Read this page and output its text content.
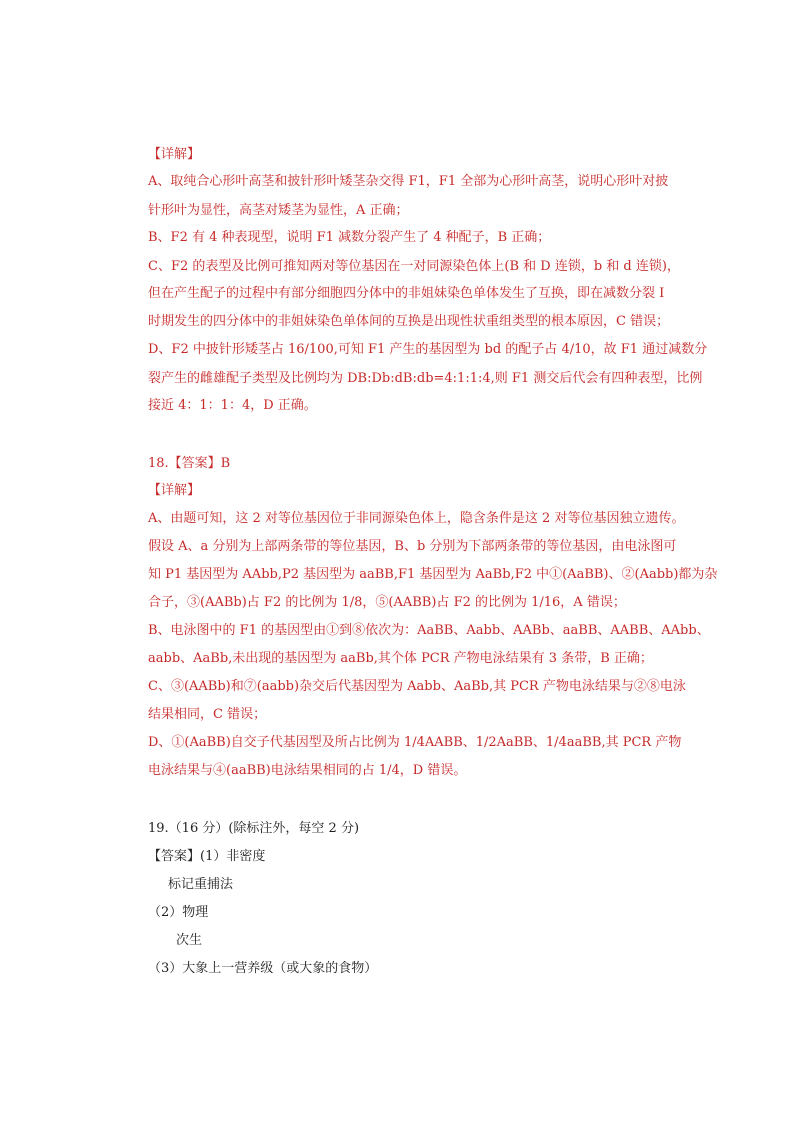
【详解】
A、取纯合心形叶高茎和披针形叶矮茎杂交得 F1，F1 全部为心形叶高茎，说明心形叶对披
针形叶为显性，高茎对矮茎为显性，A 正确；
B、F2 有 4 种表现型，说明 F1 减数分裂产生了 4 种配子，B 正确；
C、F2 的表型及比例可推知两对等位基因在一对同源染色体上(B 和 D 连锁，b 和 d 连锁)，
但在产生配子的过程中有部分细胞四分体中的非姐妹染色单体发生了互换，即在减数分裂 I
时期发生的四分体中的非姐妹染色单体间的互换是出现性状重组类型的根本原因，C 错误；
D、F2 中披针形矮茎占 16/100,可知 F1 产生的基因型为 bd 的配子占 4/10，故 F1 通过减数分
裂产生的雌雄配子类型及比例均为 DB:Db:dB:db=4:1:1:4,则 F1 测交后代会有四种表型，比例
接近 4：1：1：4，D 正确。
18.【答案】B
【详解】
A、由题可知，这 2 对等位基因位于非同源染色体上，隐含条件是这 2 对等位基因独立遗传。
假设 A、a 分别为上部两条带的等位基因，B、b 分别为下部两条带的等位基因，由电泳图可
知 P1 基因型为 AAbb,P2 基因型为 aaBB,F1 基因型为 AaBb,F2 中①(AaBB)、②(Aabb)都为杂
合子，③(AABb)占 F2 的比例为 1/8，⑤(AABB)占 F2 的比例为 1/16，A 错误；
B、电泳图中的 F1 的基因型由①到⑧依次为：AaBB、Aabb、AABb、aaBB、AABB、AAbb、
aabb、AaBb,未出现的基因型为 aaBb,其个体 PCR 产物电泳结果有 3 条带，B 正确；
C、③(AABb)和⑦(aabb)杂交后代基因型为 Aabb、AaBb,其 PCR 产物电泳结果与②⑧电泳
结果相同，C 错误；
D、①(AaBB)自交子代基因型及所占比例为 1/4AABB、1/2AaBB、1/4aaBB,其 PCR 产物
电泳结果与④(aaBB)电泳结果相同的占 1/4，D 错误。
19.（16 分）(除标注外，每空 2 分)
【答案】(1）非密度
标记重捕法
（2）物理
次生
（3）大象上一营养级（或大象的食物）
